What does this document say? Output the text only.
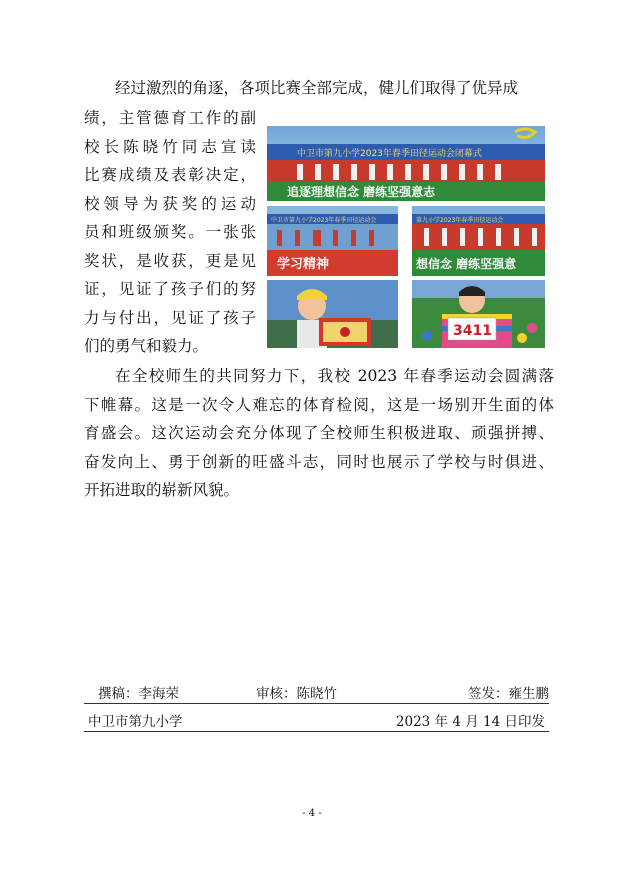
经过激烈的角逐，各项比赛全部完成，健儿们取得了优异成

绩，主管德育工作的副
校长陈晓竹同志宣读
比赛成绩及表彰决定，
校领导为获奖的运动
员和班级颁奖。一张张
奖状，是收获，更是见
证，见证了孩子们的努
力与付出，见证了孩子
们的勇气和毅力。

中卫市第九小学2023年春季田径运动会闭幕式
追逐理想信念 磨练坚强意志
中卫市第九小学2023年春季田径运动会
学习精神
第九小学2023年春季田径运动会
想信念 磨练坚强意
3411

在全校师生的共同努力下，我校 2023 年春季运动会圆满落
下帷幕。这是一次令人难忘的体育检阅，这是一场别开生面的体
育盛会。这次运动会充分体现了全校师生积极进取、顽强拼搏、
奋发向上、勇于创新的旺盛斗志，同时也展示了学校与时俱进、
开拓进取的崭新风貌。

撰稿：李海荣	审核：陈晓竹	签发：雍生鹏
中卫市第九小学	2023 年 4 月 14 日印发
- 4 -
